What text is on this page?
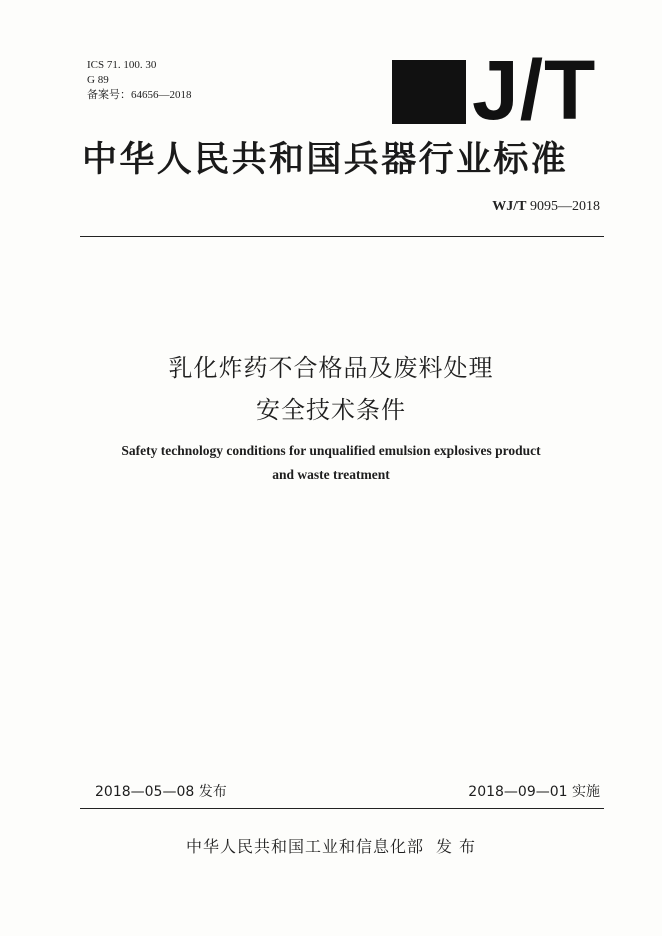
ICS 71. 100. 30
G 89
备案号：64656—2018	J/T
中华人民共和国兵器行业标准
WJ/T 9095—2018
乳化炸药不合格品及废料处理
安全技术条件
Safety technology conditions for unqualified emulsion explosives product
and waste treatment
2018—05—08 发布	2018—09—01 实施
中华人民共和国工业和信息化部 发 布
